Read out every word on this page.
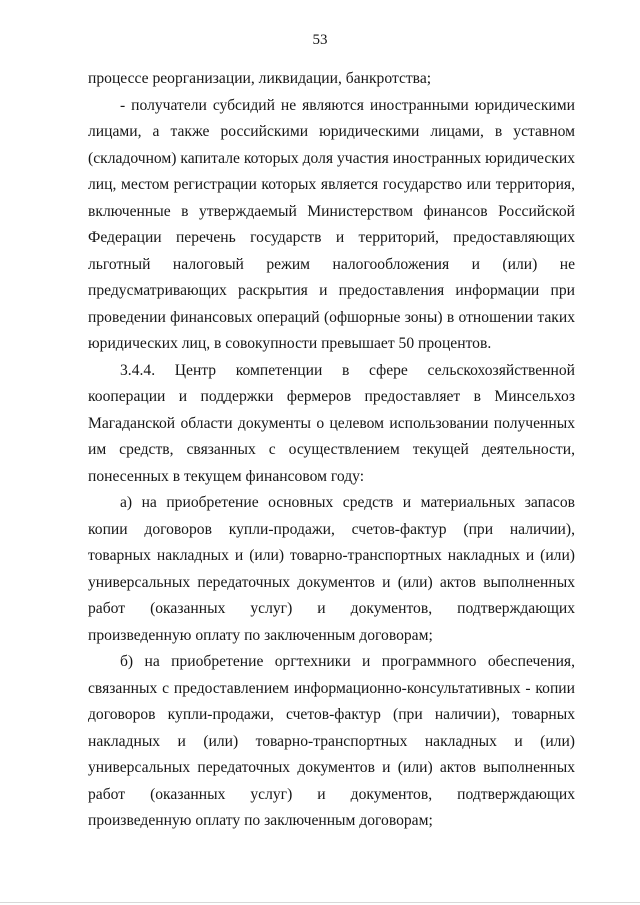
53

процессе реорганизации, ликвидации, банкротства;

- получатели субсидий не являются иностранными юридическими лицами, а также российскими юридическими лицами, в уставном (складочном) капитале которых доля участия иностранных юридических лиц, местом регистрации которых является государство или территория, включенные в утверждаемый Министерством финансов Российской Федерации перечень государств и территорий, предоставляющих льготный налоговый режим налогообложения и (или) не предусматривающих раскрытия и предоставления информации при проведении финансовых операций (офшорные зоны) в отношении таких юридических лиц, в совокупности превышает 50 процентов.

3.4.4. Центр компетенции в сфере сельскохозяйственной кооперации и поддержки фермеров предоставляет в Минсельхоз Магаданской области документы о целевом использовании полученных им средств, связанных с осуществлением текущей деятельности, понесенных в текущем финансовом году:

а) на приобретение основных средств и материальных запасов копии договоров купли-продажи, счетов-фактур (при наличии), товарных накладных и (или) товарно-транспортных накладных и (или) универсальных передаточных документов и (или) актов выполненных работ (оказанных услуг) и документов, подтверждающих произведенную оплату по заключенным договорам;

б) на приобретение оргтехники и программного обеспечения, связанных с предоставлением информационно-консультативных - копии договоров купли-продажи, счетов-фактур (при наличии), товарных накладных и (или) товарно-транспортных накладных и (или) универсальных передаточных документов и (или) актов выполненных работ (оказанных услуг) и документов, подтверждающих произведенную оплату по заключенным договорам;
